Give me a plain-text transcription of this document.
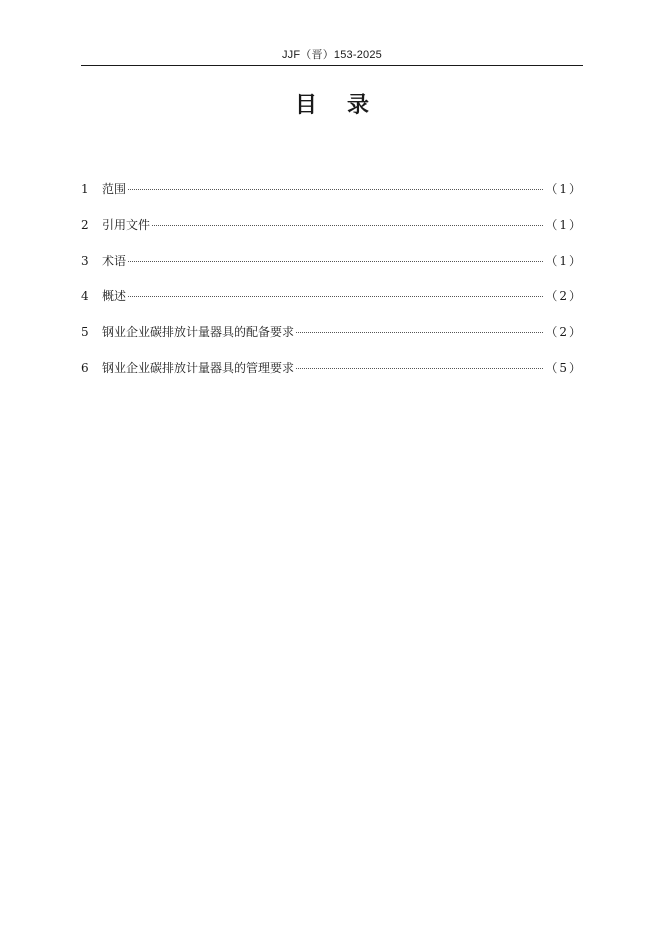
JJF（晋）153-2025
目录
1	范围	（1）
2	引用文件	（1）
3	术语	（1）
4	概述	（2）
5	钢业企业碳排放计量器具的配备要求	（2）
6	钢业企业碳排放计量器具的管理要求	（5）
